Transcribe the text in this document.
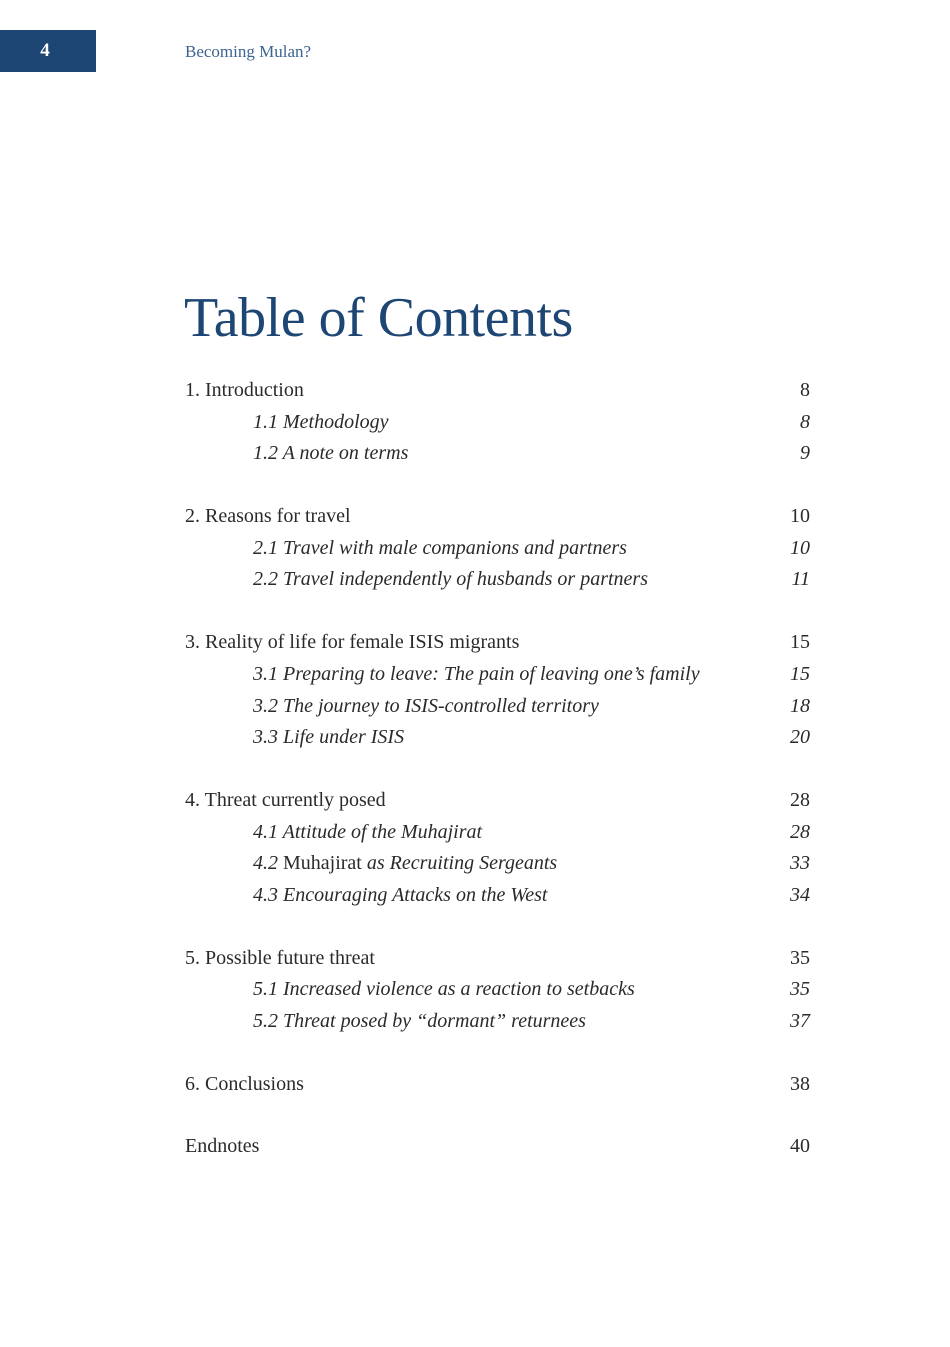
4	Becoming Mulan?
Table of Contents
1. Introduction	8
1.1 Methodology	8
1.2 A note on terms	9
2. Reasons for travel	10
2.1 Travel with male companions and partners	10
2.2 Travel independently of husbands or partners	11
3. Reality of life for female ISIS migrants	15
3.1 Preparing to leave: The pain of leaving one’s family	15
3.2 The journey to ISIS-controlled territory	18
3.3 Life under ISIS	20
4. Threat currently posed	28
4.1 Attitude of the Muhajirat	28
4.2 Muhajirat as Recruiting Sergeants	33
4.3 Encouraging Attacks on the West	34
5. Possible future threat	35
5.1 Increased violence as a reaction to setbacks	35
5.2 Threat posed by “dormant” returnees	37
6. Conclusions	38
Endnotes	40
